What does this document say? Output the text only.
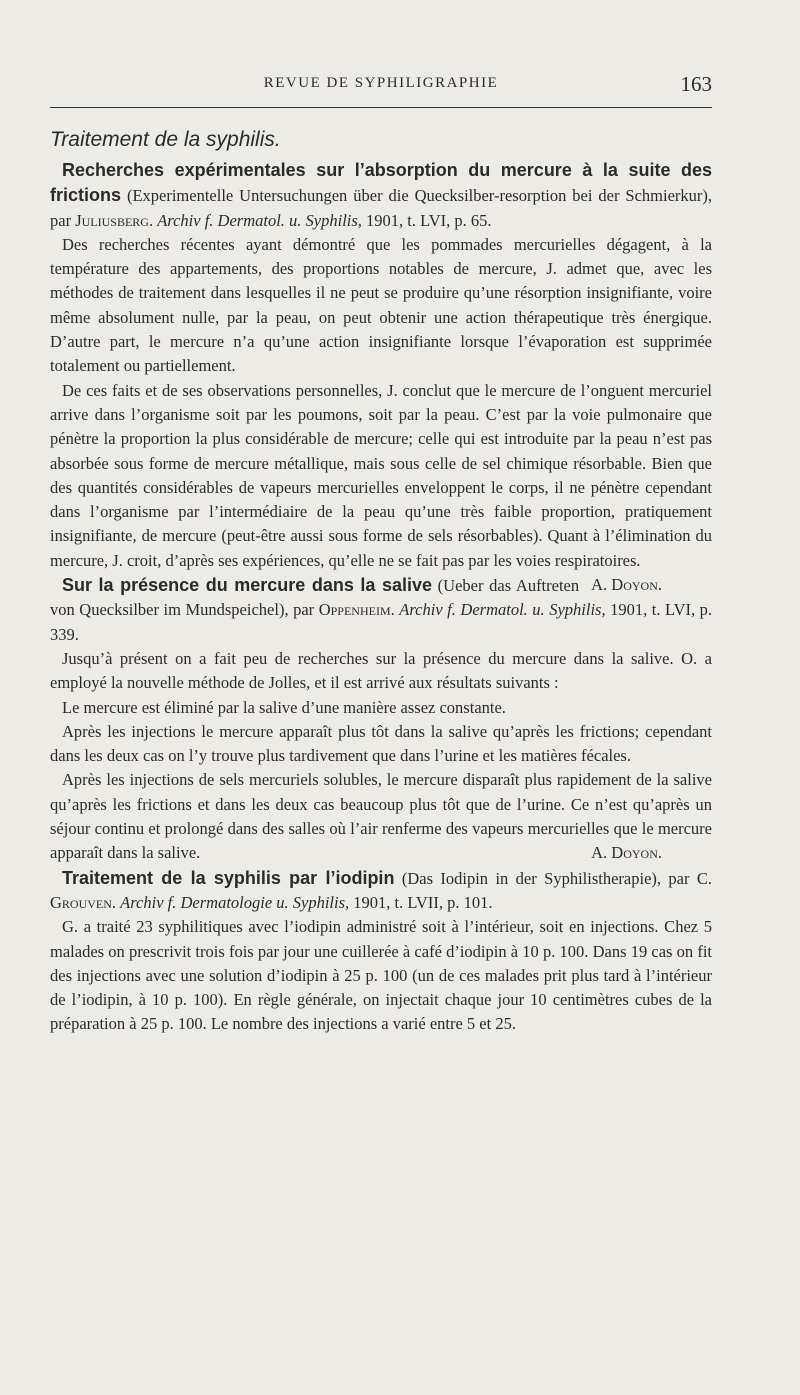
REVUE DE SYPHILIGRAPHIE	163
Traitement de la syphilis.

Recherches expérimentales sur l’absorption du mercure à la suite des frictions (Experimentelle Untersuchungen über die Quecksilber-resorption bei der Schmierkur), par Juliusberg. Archiv f. Dermatol. u. Syphilis, 1901, t. LVI, p. 65.

Des recherches récentes ayant démontré que les pommades mercurielles dégagent, à la température des appartements, des proportions notables de mercure, J. admet que, avec les méthodes de traitement dans lesquelles il ne peut se produire qu’une résorption insignifiante, voire même absolument nulle, par la peau, on peut obtenir une action thérapeutique très énergique. D’autre part, le mercure n’a qu’une action insignifiante lorsque l’évaporation est supprimée totalement ou partiellement.

De ces faits et de ses observations personnelles, J. conclut que le mercure de l’onguent mercuriel arrive dans l’organisme soit par les poumons, soit par la peau. C’est par la voie pulmonaire que pénètre la proportion la plus considérable de mercure; celle qui est introduite par la peau n’est pas absorbée sous forme de mercure métallique, mais sous celle de sel chimique résorbable. Bien que des quantités considérables de vapeurs mercurielles enveloppent le corps, il ne pénètre cependant dans l’organisme par l’intermédiaire de la peau qu’une très faible proportion, pratiquement insignifiante, de mercure (peut-être aussi sous forme de sels résorbables). Quant à l’élimination du mercure, J. croit, d’après ses expériences, qu’elle ne se fait pas par les voies respiratoires.
A. Doyon.

Sur la présence du mercure dans la salive (Ueber das Auftreten von Quecksilber im Mundspeichel), par Oppenheim. Archiv f. Dermatol. u. Syphilis, 1901, t. LVI, p. 339.

Jusqu’à présent on a fait peu de recherches sur la présence du mercure dans la salive. O. a employé la nouvelle méthode de Jolles, et il est arrivé aux résultats suivants :

Le mercure est éliminé par la salive d’une manière assez constante.

Après les injections le mercure apparaît plus tôt dans la salive qu’après les frictions; cependant dans les deux cas on l’y trouve plus tardivement que dans l’urine et les matières fécales.

Après les injections de sels mercuriels solubles, le mercure disparaît plus rapidement de la salive qu’après les frictions et dans les deux cas beaucoup plus tôt que de l’urine. Ce n’est qu’après un séjour continu et prolongé dans des salles où l’air renferme des vapeurs mercurielles que le mercure apparaît dans la salive.	A. Doyon.

Traitement de la syphilis par l’iodipin (Das Iodipin in der Syphilistherapie), par C. Grouven. Archiv f. Dermatologie u. Syphilis, 1901, t. LVII, p. 101.

G. a traité 23 syphilitiques avec l’iodipin administré soit à l’intérieur, soit en injections. Chez 5 malades on prescrivit trois fois par jour une cuillerée à café d’iodipin à 10 p. 100. Dans 19 cas on fit des injections avec une solution d’iodipin à 25 p. 100 (un de ces malades prit plus tard à l’intérieur de l’iodipin, à 10 p. 100). En règle générale, on injectait chaque jour 10 centimètres cubes de la préparation à 25 p. 100. Le nombre des injections a varié entre 5 et 25.
